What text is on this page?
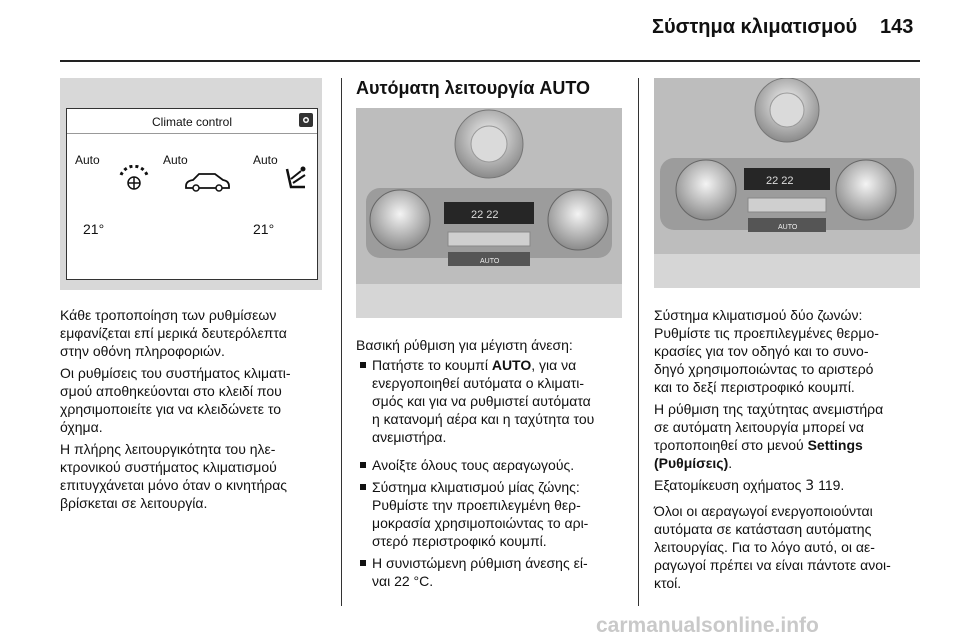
Σύστημα κλιματισμού 143
Climate control
Auto	Auto	Auto
21°	21°
Κάθε τροποποίηση των ρυθμίσεων
εμφανίζεται επί μερικά δευτερόλεπτα
στην οθόνη πληροφοριών.
Οι ρυθμίσεις του συστήματος κλιματι-
σμού αποθηκεύονται στο κλειδί που
χρησιμοποιείτε για να κλειδώνετε το
όχημα.
Η πλήρης λειτουργικότητα του ηλε-
κτρονικού συστήματος κλιματισμού
επιτυγχάνεται μόνο όταν ο κινητήρας
βρίσκεται σε λειτουργία.
Αυτόματη λειτουργία AUTO
22 22
AUTO
Βασική ρύθμιση για μέγιστη άνεση:
Πατήστε το κουμπί AUTO, για να
ενεργοποιηθεί αυτόματα ο κλιματι-
σμός και για να ρυθμιστεί αυτόματα
η κατανομή αέρα και η ταχύτητα του
ανεμιστήρα.
Ανοίξτε όλους τους αεραγωγούς.
Σύστημα κλιματισμού μίας ζώνης:
Ρυθμίστε την προεπιλεγμένη θερ-
μοκρασία χρησιμοποιώντας το αρι-
στερό περιστροφικό κουμπί.
Η συνιστώμενη ρύθμιση άνεσης εί-
ναι 22 °C.
22 22
AUTO
Σύστημα κλιματισμού δύο ζωνών:
Ρυθμίστε τις προεπιλεγμένες θερμο-
κρασίες για τον οδηγό και το συνο-
δηγό χρησιμοποιώντας το αριστερό
και το δεξί περιστροφικό κουμπί.
Η ρύθμιση της ταχύτητας ανεμιστήρα
σε αυτόματη λειτουργία μπορεί να
τροποποιηθεί στο μενού Settings
(Ρυθμίσεις).
Εξατομίκευση οχήματος 3 119.
Όλοι οι αεραγωγοί ενεργοποιούνται
αυτόματα σε κατάσταση αυτόματης
λειτουργίας. Για το λόγο αυτό, οι αε-
ραγωγοί πρέπει να είναι πάντοτε ανοι-
κτοί.
carmanualsonline.info
